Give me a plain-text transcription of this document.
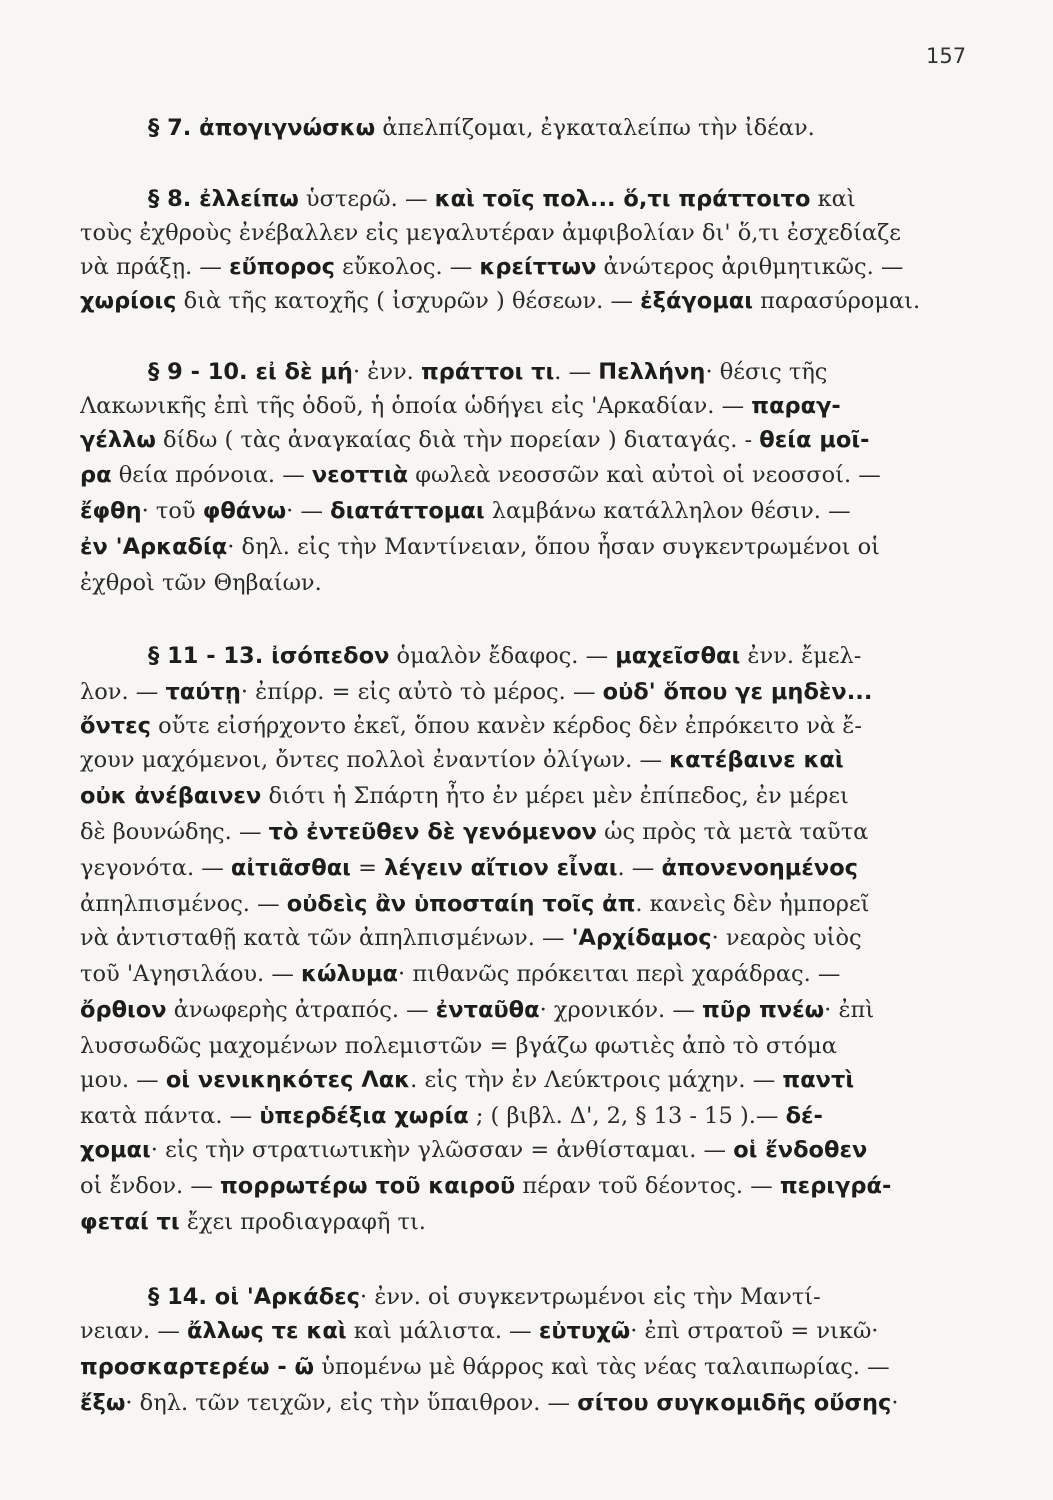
157
§ 7. ἀπογιγνώσκω ἀπελπίζομαι, ἐγκαταλείπω τὴν ἰδέαν.
§ 8. ἐλλείπω ὑστερῶ. — καὶ τοῖς πολ... ὅ,τι πράττοιτο καὶ
τοὺς ἐχθροὺς ἐνέβαλλεν εἰς μεγαλυτέραν ἀμφιβολίαν δι' ὅ,τι ἐσχεδίαζε
νὰ πράξῃ. — εὔπορος εὔκολος. — κρείττων ἀνώτερος ἀριθμητικῶς. —
χωρίοις διὰ τῆς κατοχῆς ( ἰσχυρῶν ) θέσεων. — ἐξάγομαι παρασύρομαι.
§ 9 - 10. εἰ δὲ μή· ἐνν. πράττοι τι. — Πελλήνη· θέσις τῆς
Λακωνικῆς ἐπὶ τῆς ὁδοῦ, ἡ ὁποία ὡδήγει εἰς 'Αρκαδίαν. — παραγ-
γέλλω δίδω ( τὰς ἀναγκαίας διὰ τὴν πορείαν ) διαταγάς. - θεία μοῖ-
ρα θεία πρόνοια. — νεοττιὰ φωλεὰ νεοσσῶν καὶ αὐτοὶ οἱ νεοσσοί. —
ἔφθη· τοῦ φθάνω· — διατάττομαι λαμβάνω κατάλληλον θέσιν. —
ἐν 'Αρκαδίᾳ· δηλ. εἰς τὴν Μαντίνειαν, ὅπου ἦσαν συγκεντρωμένοι οἱ
ἐχθροὶ τῶν Θηβαίων.
§ 11 - 13. ἰσόπεδον ὁμαλὸν ἔδαφος. — μαχεῖσθαι ἐνν. ἔμελ-
λον. — ταύτῃ· ἐπίρρ. = εἰς αὐτὸ τὸ μέρος. — οὐδ' ὅπου γε μηδὲν...
ὄντες οὔτε εἰσήρχοντο ἐκεῖ, ὅπου κανὲν κέρδος δὲν ἐπρόκειτο νὰ ἔ-
χουν μαχόμενοι, ὄντες πολλοὶ ἐναντίον ὀλίγων. — κατέβαινε καὶ
οὐκ ἀνέβαινεν διότι ἡ Σπάρτη ἦτο ἐν μέρει μὲν ἐπίπεδος, ἐν μέρει
δὲ βουνώδης. — τὸ ἐντεῦθεν δὲ γενόμενον ὡς πρὸς τὰ μετὰ ταῦτα
γεγονότα. — αἰτιᾶσθαι = λέγειν αἴτιον εἶναι. — ἀπονενοημένος
ἀπηλπισμένος. — οὐδεὶς ἂν ὑποσταίη τοῖς ἀπ. κανεὶς δὲν ἠμπορεῖ
νὰ ἀντισταθῇ κατὰ τῶν ἀπηλπισμένων. — 'Αρχίδαμος· νεαρὸς υἱὸς
τοῦ 'Αγησιλάου. — κώλυμα· πιθανῶς πρόκειται περὶ χαράδρας. —
ὄρθιον ἀνωφερὴς ἀτραπός. — ἐνταῦθα· χρονικόν. — πῦρ πνέω· ἐπὶ
λυσσωδῶς μαχομένων πολεμιστῶν = βγάζω φωτιὲς ἀπὸ τὸ στόμα
μου. — οἱ νενικηκότες Λακ. εἰς τὴν ἐν Λεύκτροις μάχην. — παντὶ
κατὰ πάντα. — ὑπερδέξια χωρία ; ( βιβλ. Δ', 2, § 13 - 15 ).— δέ-
χομαι· εἰς τὴν στρατιωτικὴν γλῶσσαν = ἀνθίσταμαι. — οἱ ἔνδοθεν
οἱ ἔνδον. — πορρωτέρω τοῦ καιροῦ πέραν τοῦ δέοντος. — περιγρά-
φεταί τι ἔχει προδιαγραφῆ τι.
§ 14. οἱ 'Αρκάδες· ἐνν. οἱ συγκεντρωμένοι εἰς τὴν Μαντί-
νειαν. — ἄλλως τε καὶ καὶ μάλιστα. — εὐτυχῶ· ἐπὶ στρατοῦ = νικῶ·
προσκαρτερέω - ῶ ὑπομένω μὲ θάρρος καὶ τὰς νέας ταλαιπωρίας. —
ἔξω· δηλ. τῶν τειχῶν, εἰς τὴν ὕπαιθρον. — σίτου συγκομιδῆς οὔσης·
